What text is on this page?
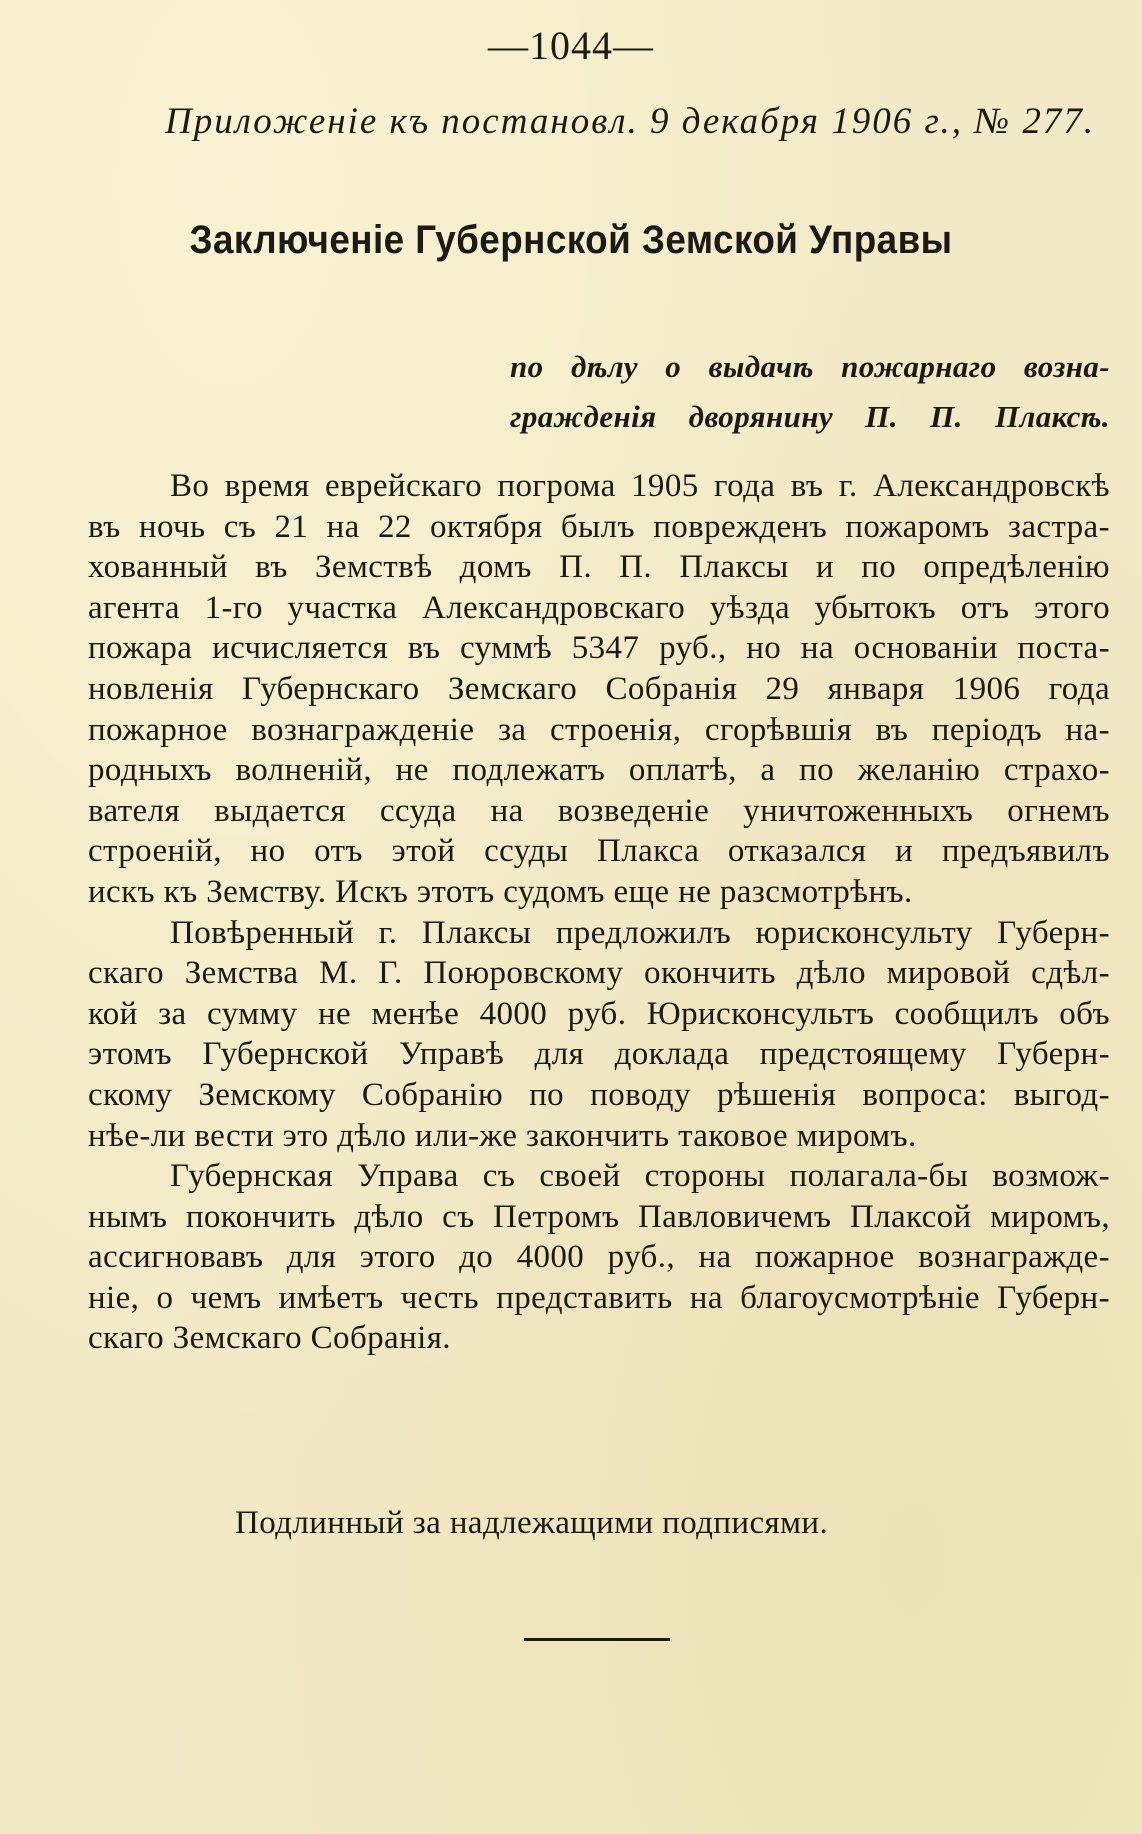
—1044—
Приложеніе къ постановл. 9 декабря 1906 г., № 277.
Заключеніе Губернской Земской Управы
по дѣлу о выдачѣ пожарнаго возна-
гражденія дворянину П. П. Плаксѣ.
Во время еврейскаго погрома 1905 года въ г. Александровскѣ
въ ночь съ 21 на 22 октября былъ поврежденъ пожаромъ застра-
хованный въ Земствѣ домъ П. П. Плаксы и по опредѣленію
агента 1-го участка Александровскаго уѣзда убытокъ отъ этого
пожара исчисляется въ суммѣ 5347 руб., но на основаніи поста-
новленія Губернскаго Земскаго Собранія 29 января 1906 года
пожарное вознагражденіе за строенія, сгорѣвшія въ періодъ на-
родныхъ волненій, не подлежатъ оплатѣ, а по желанію страхо-
вателя выдается ссуда на возведеніе уничтоженныхъ огнемъ
строеній, но отъ этой ссуды Плакса отказался и предъявилъ
искъ къ Земству. Искъ этотъ судомъ еще не разсмотрѣнъ.
Повѣренный г. Плаксы предложилъ юрисконсульту Губерн-
скаго Земства М. Г. Поюровскому окончить дѣло мировой сдѣл-
кой за сумму не менѣе 4000 руб. Юрисконсультъ сообщилъ объ
этомъ Губернской Управѣ для доклада предстоящему Губерн-
скому Земскому Собранію по поводу рѣшенія вопроса: выгод-
нѣе-ли вести это дѣло или-же закончить таковое миромъ.
Губернская Управа съ своей стороны полагала-бы возмож-
нымъ покончить дѣло съ Петромъ Павловичемъ Плаксой миромъ,
ассигновавъ для этого до 4000 руб., на пожарное вознагражде-
ніе, о чемъ имѣетъ честь представить на благоусмотрѣніе Губерн-
скаго Земскаго Собранія.
Подлинный за надлежащими подписями.
